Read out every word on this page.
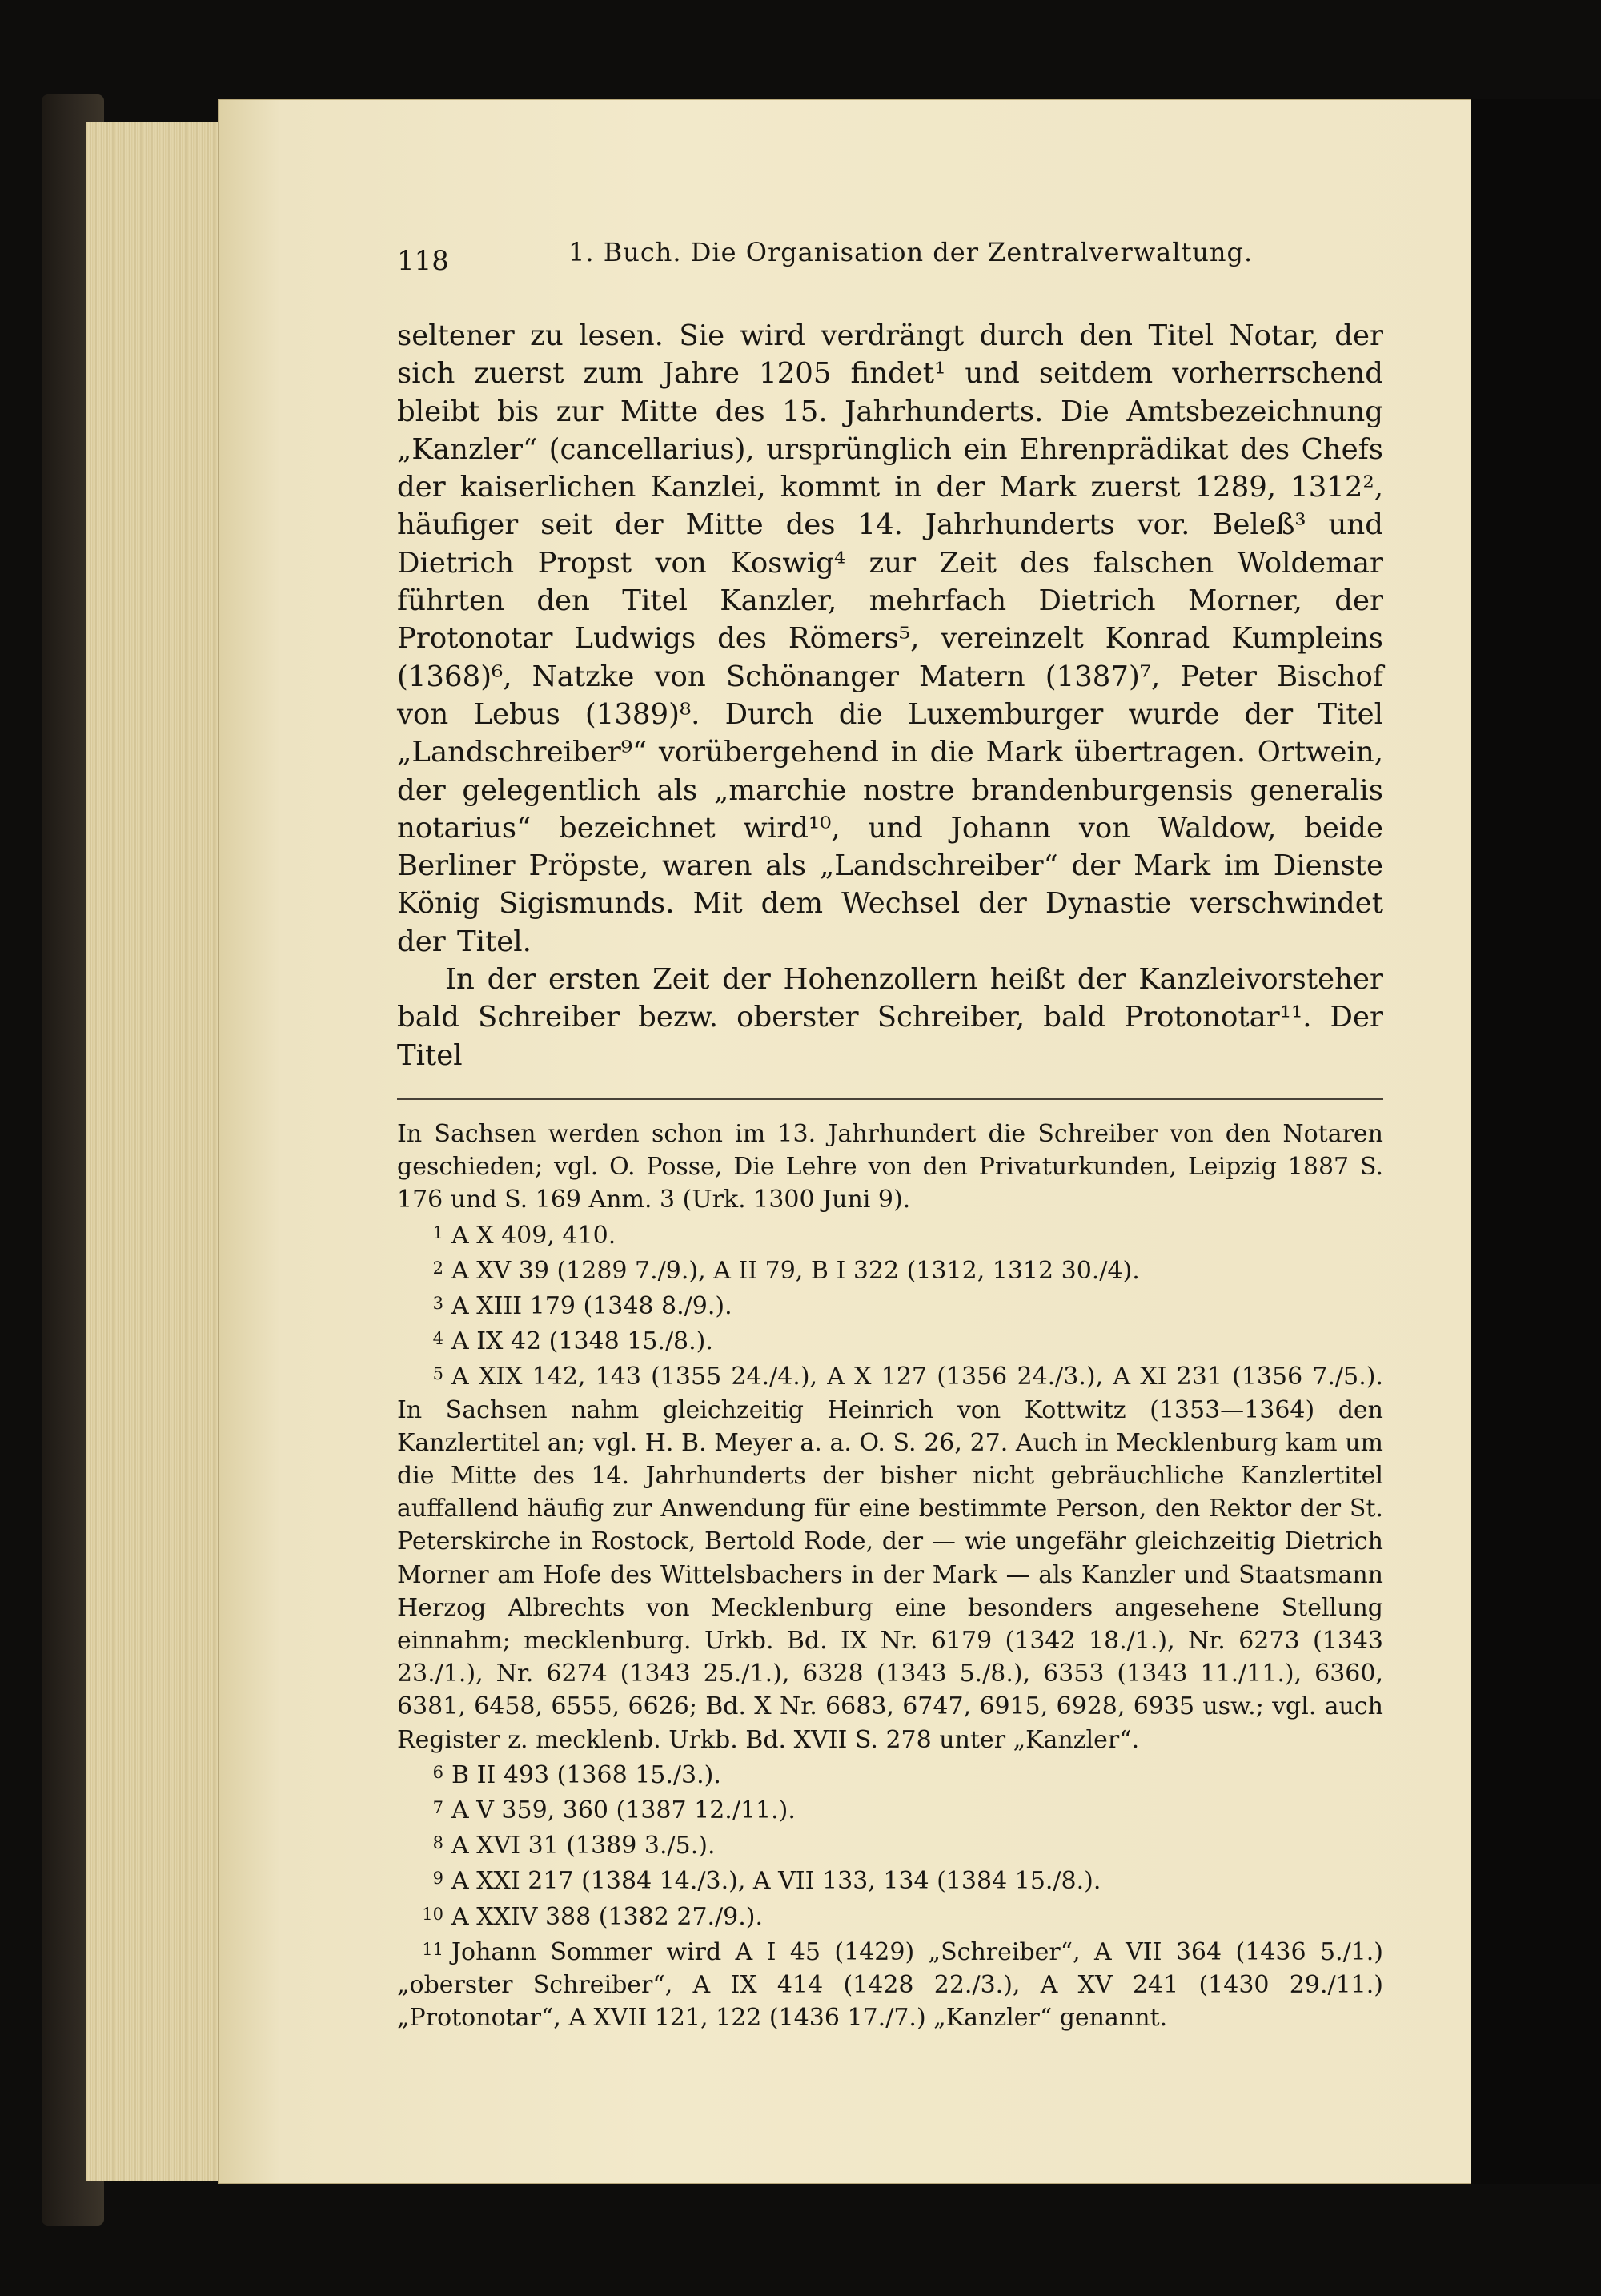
118	1. Buch. Die Organisation der Zentralverwaltung.

seltener zu lesen. Sie wird verdrängt durch den Titel Notar, der sich zuerst zum Jahre 1205 findet¹ und seitdem vorherrschend bleibt bis zur Mitte des 15. Jahrhunderts. Die Amtsbezeichnung „Kanzler“ (cancellarius), ursprünglich ein Ehrenprädikat des Chefs der kaiserlichen Kanzlei, kommt in der Mark zuerst 1289, 1312², häufiger seit der Mitte des 14. Jahrhunderts vor. Beleß³ und Dietrich Propst von Koswig⁴ zur Zeit des falschen Woldemar führten den Titel Kanzler, mehrfach Dietrich Morner, der Protonotar Ludwigs des Römers⁵, vereinzelt Konrad Kumpleins (1368)⁶, Natzke von Schönanger Matern (1387)⁷, Peter Bischof von Lebus (1389)⁸. Durch die Luxemburger wurde der Titel „Landschreiber⁹“ vorübergehend in die Mark übertragen. Ortwein, der gelegentlich als „marchie nostre brandenburgensis generalis notarius“ bezeichnet wird¹⁰, und Johann von Waldow, beide Berliner Pröpste, waren als „Landschreiber“ der Mark im Dienste König Sigismunds. Mit dem Wechsel der Dynastie verschwindet der Titel.

In der ersten Zeit der Hohenzollern heißt der Kanzleivorsteher bald Schreiber bezw. oberster Schreiber, bald Protonotar¹¹. Der Titel

In Sachsen werden schon im 13. Jahrhundert die Schreiber von den Notaren geschieden; vgl. O. Posse, Die Lehre von den Privaturkunden, Leipzig 1887 S. 176 und S. 169 Anm. 3 (Urk. 1300 Juni 9).

1 A X 409, 410.

2 A XV 39 (1289 7./9.), A II 79, B I 322 (1312, 1312 30./4).

3 A XIII 179 (1348 8./9.).

4 A IX 42 (1348 15./8.).

5 A XIX 142, 143 (1355 24./4.), A X 127 (1356 24./3.), A XI 231 (1356 7./5.). In Sachsen nahm gleichzeitig Heinrich von Kottwitz (1353—1364) den Kanzlertitel an; vgl. H. B. Meyer a. a. O. S. 26, 27. Auch in Mecklenburg kam um die Mitte des 14. Jahrhunderts der bisher nicht gebräuchliche Kanzlertitel auffallend häufig zur Anwendung für eine bestimmte Person, den Rektor der St. Peterskirche in Rostock, Bertold Rode, der — wie ungefähr gleichzeitig Dietrich Morner am Hofe des Wittelsbachers in der Mark — als Kanzler und Staatsmann Herzog Albrechts von Mecklenburg eine besonders angesehene Stellung einnahm; mecklenburg. Urkb. Bd. IX Nr. 6179 (1342 18./1.), Nr. 6273 (1343 23./1.), Nr. 6274 (1343 25./1.), 6328 (1343 5./8.), 6353 (1343 11./11.), 6360, 6381, 6458, 6555, 6626; Bd. X Nr. 6683, 6747, 6915, 6928, 6935 usw.; vgl. auch Register z. mecklenb. Urkb. Bd. XVII S. 278 unter „Kanzler“.

6 B II 493 (1368 15./3.).

7 A V 359, 360 (1387 12./11.).

8 A XVI 31 (1389 3./5.).

9 A XXI 217 (1384 14./3.), A VII 133, 134 (1384 15./8.).

10 A XXIV 388 (1382 27./9.).

11 Johann Sommer wird A I 45 (1429) „Schreiber“, A VII 364 (1436 5./1.) „oberster Schreiber“, A IX 414 (1428 22./3.), A XV 241 (1430 29./11.) „Protonotar“, A XVII 121, 122 (1436 17./7.) „Kanzler“ genannt.
